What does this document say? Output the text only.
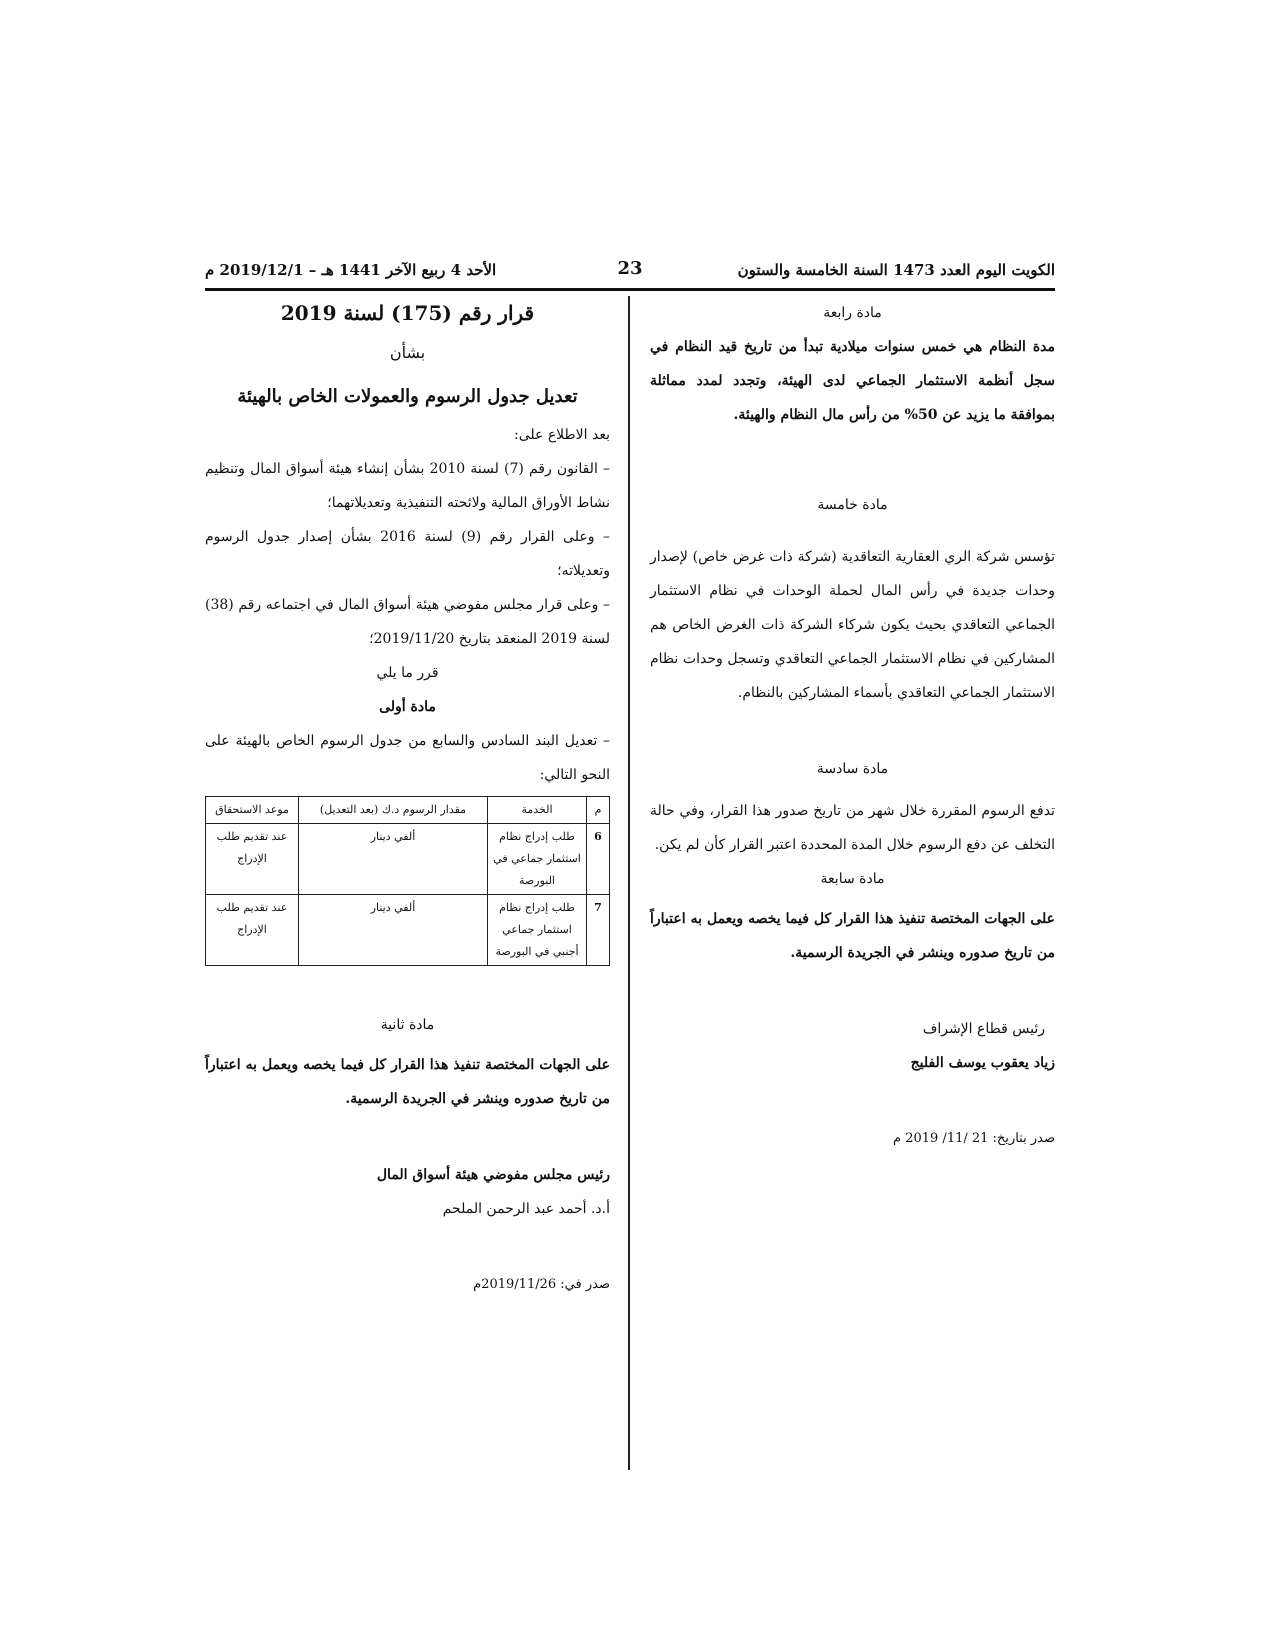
الكويت اليوم العدد 1473 السنة الخامسة والستون
23
الأحد 4 ربيع الآخر 1441 هـ – 2019/12/1 م

مادة رابعة

مدة النظام هي خمس سنوات ميلادية تبدأ من تاريخ قيد النظام في سجل أنظمة الاستثمار الجماعي لدى الهيئة، وتجدد لمدد مماثلة بموافقة ما يزيد عن 50% من رأس مال النظام والهيئة.

مادة خامسة

تؤسس شركة الري العقارية التعاقدية (شركة ذات غرض خاص) لإصدار وحدات جديدة في رأس المال لحملة الوحدات في نظام الاستثمار الجماعي التعاقدي بحيث يكون شركاء الشركة ذات الغرض الخاص هم المشاركين في نظام الاستثمار الجماعي التعاقدي وتسجل وحدات نظام الاستثمار الجماعي التعاقدي بأسماء المشاركين بالنظام.

مادة سادسة

تدفع الرسوم المقررة خلال شهر من تاريخ صدور هذا القرار، وفي حالة التخلف عن دفع الرسوم خلال المدة المحددة اعتبر القرار كأن لم يكن.

مادة سابعة

على الجهات المختصة تنفيذ هذا القرار كل فيما يخصه ويعمل به اعتباراً من تاريخ صدوره وينشر في الجريدة الرسمية.

رئيس قطاع الإشراف

زياد يعقوب يوسف الفليج

صدر بتاريخ: 21 /11/ 2019 م

قرار رقم (175) لسنة 2019

بشأن

تعديل جدول الرسوم والعمولات الخاص بالهيئة

بعد الاطلاع على:

– القانون رقم (7) لسنة 2010 بشأن إنشاء هيئة أسواق المال وتنظيم نشاط الأوراق المالية ولائحته التنفيذية وتعديلاتهما؛

– وعلى القرار رقم (9) لسنة 2016 بشأن إصدار جدول الرسوم وتعديلاته؛

– وعلى قرار مجلس مفوضي هيئة أسواق المال في اجتماعه رقم (38) لسنة 2019 المنعقد بتاريخ 2019/11/20؛

قرر ما يلي

مادة أولى

– تعديل البند السادس والسابع من جدول الرسوم الخاص بالهيئة على النحو التالي:

م	الخدمة	مقدار الرسوم د.ك (بعد التعديل)	موعد الاستحقاق
6	طلب إدراج نظام استثمار جماعي في البورصة	ألفي دينار	عند تقديم طلب الإدراج
7	طلب إدراج نظام استثمار جماعي أجنبي في البورصة	ألفي دينار	عند تقديم طلب الإدراج

مادة ثانية

على الجهات المختصة تنفيذ هذا القرار كل فيما يخصه ويعمل به اعتباراً من تاريخ صدوره وينشر في الجريدة الرسمية.

رئيس مجلس مفوضي هيئة أسواق المال

أ.د. أحمد عبد الرحمن الملحم

صدر في: 2019/11/26م
